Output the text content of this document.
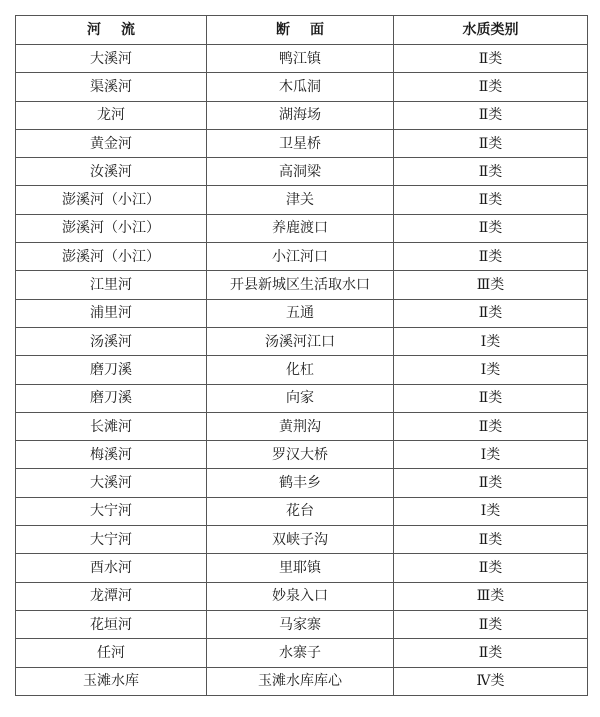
河流	断面	水质类别
大溪河	鸭江镇	Ⅱ类
渠溪河	木瓜洞	Ⅱ类
龙河	湖海场	Ⅱ类
黄金河	卫星桥	Ⅱ类
汝溪河	高洞梁	Ⅱ类
澎溪河（小江）	津关	Ⅱ类
澎溪河（小江）	养鹿渡口	Ⅱ类
澎溪河（小江）	小江河口	Ⅱ类
江里河	开县新城区生活取水口	Ⅲ类
浦里河	五通	Ⅱ类
汤溪河	汤溪河江口	Ⅰ类
磨刀溪	化杠	Ⅰ类
磨刀溪	向家	Ⅱ类
长滩河	黄荆沟	Ⅱ类
梅溪河	罗汉大桥	Ⅰ类
大溪河	鹤丰乡	Ⅱ类
大宁河	花台	Ⅰ类
大宁河	双峡子沟	Ⅱ类
酉水河	里耶镇	Ⅱ类
龙潭河	妙泉入口	Ⅲ类
花垣河	马家寨	Ⅱ类
任河	水寨子	Ⅱ类
玉滩水库	玉滩水库库心	Ⅳ类
